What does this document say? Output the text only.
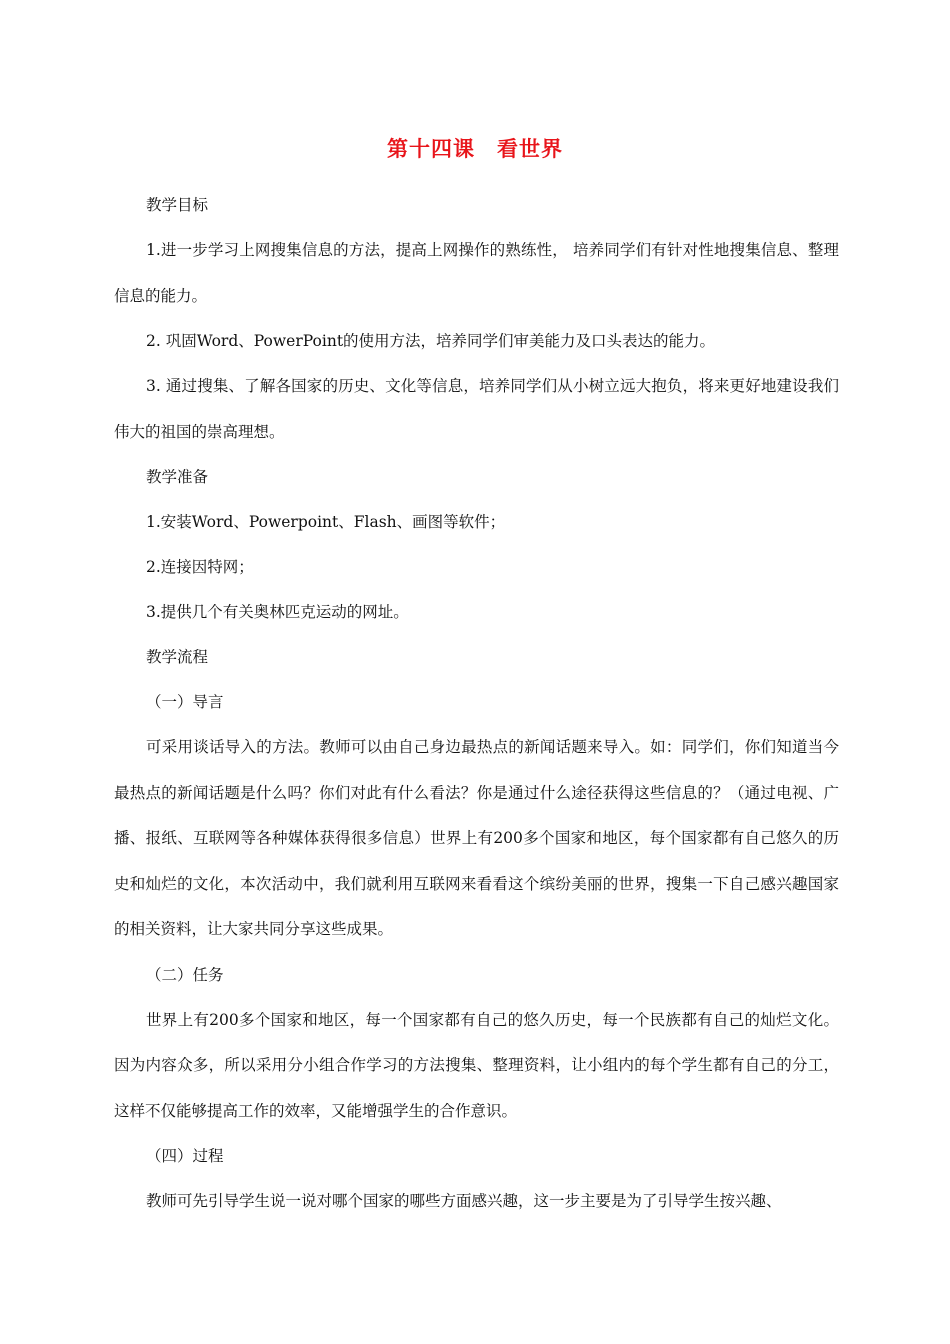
第十四课 看世界

教学目标

1.进一步学习上网搜集信息的方法，提高上网操作的熟练性， 培养同学们有针对性地搜集信息、整理信息的能力。

2. 巩固Word、PowerPoint的使用方法，培养同学们审美能力及口头表达的能力。

3. 通过搜集、了解各国家的历史、文化等信息，培养同学们从小树立远大抱负，将来更好地建设我们伟大的祖国的崇高理想。

教学准备

1.安装Word、Powerpoint、Flash、画图等软件；

2.连接因特网；

3.提供几个有关奥林匹克运动的网址。

教学流程

（一）导言

可采用谈话导入的方法。教师可以由自己身边最热点的新闻话题来导入。如：同学们，你们知道当今最热点的新闻话题是什么吗？你们对此有什么看法？你是通过什么途径获得这些信息的？（通过电视、广播、报纸、互联网等各种媒体获得很多信息）世界上有200多个国家和地区，每个国家都有自己悠久的历史和灿烂的文化，本次活动中，我们就利用互联网来看看这个缤纷美丽的世界，搜集一下自己感兴趣国家的相关资料，让大家共同分享这些成果。

（二）任务

世界上有200多个国家和地区，每一个国家都有自己的悠久历史，每一个民族都有自己的灿烂文化。因为内容众多，所以采用分小组合作学习的方法搜集、整理资料，让小组内的每个学生都有自己的分工，这样不仅能够提高工作的效率，又能增强学生的合作意识。

（四）过程

教师可先引导学生说一说对哪个国家的哪些方面感兴趣，这一步主要是为了引导学生按兴趣、
